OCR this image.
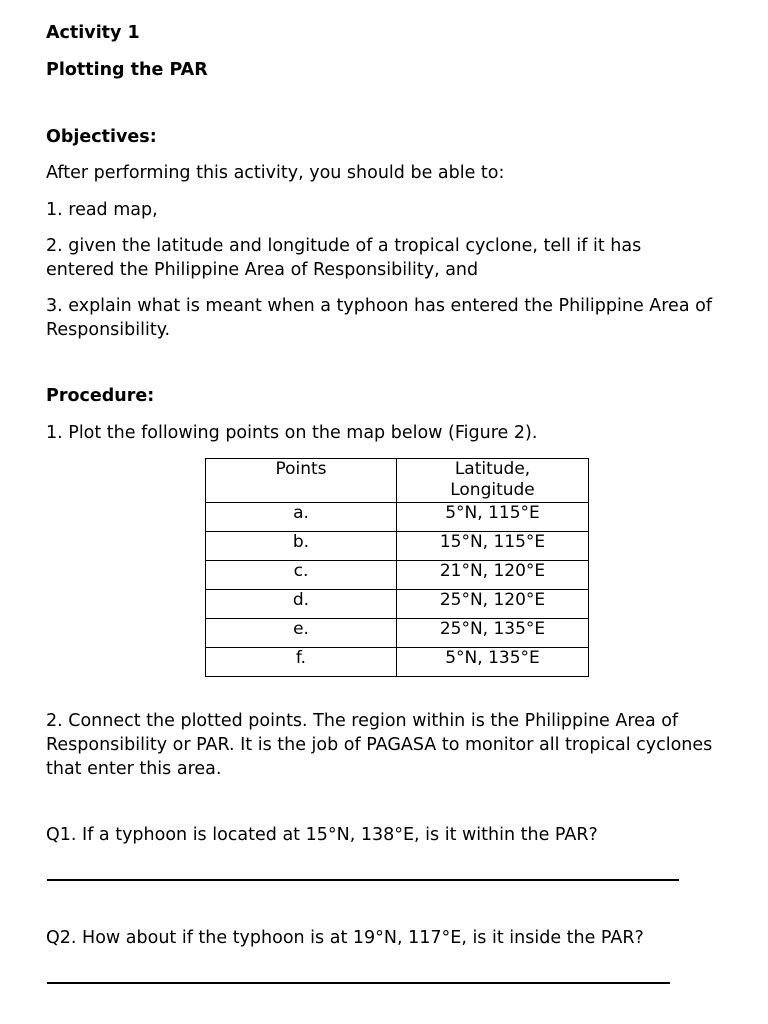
Activity 1

Plotting the PAR

Objectives:

After performing this activity, you should be able to:

1. read map,

2. given the latitude and longitude of a tropical cyclone, tell if it has entered the Philippine Area of Responsibility, and

3. explain what is meant when a typhoon has entered the Philippine Area of Responsibility.

Procedure:

1. Plot the following points on the map below (Figure 2).

Points	Latitude, Longitude
a.	5°N, 115°E
b.	15°N, 115°E
c.	21°N, 120°E
d.	25°N, 120°E
e.	25°N, 135°E
f.	5°N, 135°E

2. Connect the plotted points. The region within is the Philippine Area of Responsibility or PAR. It is the job of PAGASA to monitor all tropical cyclones that enter this area.

Q1. If a typhoon is located at 15°N, 138°E, is it within the PAR?

Q2. How about if the typhoon is at 19°N, 117°E, is it inside the PAR?
